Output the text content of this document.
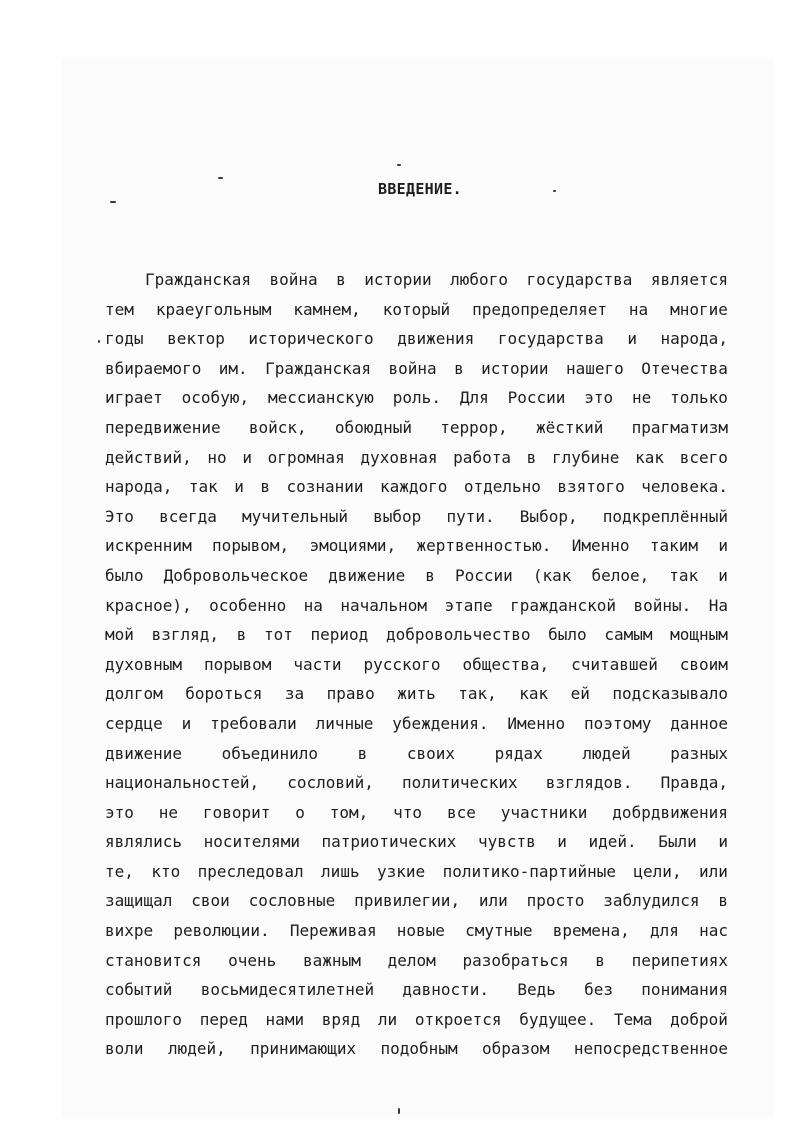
ВВЕДЕНИЕ.
Гражданская война в истории любого государства является
тем краеугольным камнем, который предопределяет на многие
годы вектор исторического движения государства и народа,
вбираемого им. Гражданская война в истории нашего Отечества
играет особую, мессианскую роль. Для России это не только
передвижение войск, обоюдный террор, жёсткий прагматизм
действий, но и огромная духовная работа в глубине как всего
народа, так и в сознании каждого отдельно взятого человека.
Это всегда мучительный выбор пути. Выбор, подкреплённый
искренним порывом, эмоциями, жертвенностью. Именно таким и
было Добровольческое движение в России (как белое, так и
красное), особенно на начальном этапе гражданской войны. На
мой взгляд, в тот период добровольчество было самым мощным
духовным порывом части русского общества, считавшей своим
долгом бороться за право жить так, как ей подсказывало
сердце и требовали личные убеждения. Именно поэтому данное
движение объединило в своих рядах людей разных
национальностей, сословий, политических взглядов. Правда,
это не говорит о том, что все участники добрдвижения
являлись носителями патриотических чувств и идей. Были и
те, кто преследовал лишь узкие политико-партийные цели, или
защищал свои сословные привилегии, или просто заблудился в
вихре революции. Переживая новые смутные времена, для нас
становится очень важным делом разобраться в перипетиях
событий восьмидесятилетней давности. Ведь без понимания
прошлого перед нами вряд ли откроется будущее. Тема доброй
воли людей, принимающих подобным образом непосредственное
